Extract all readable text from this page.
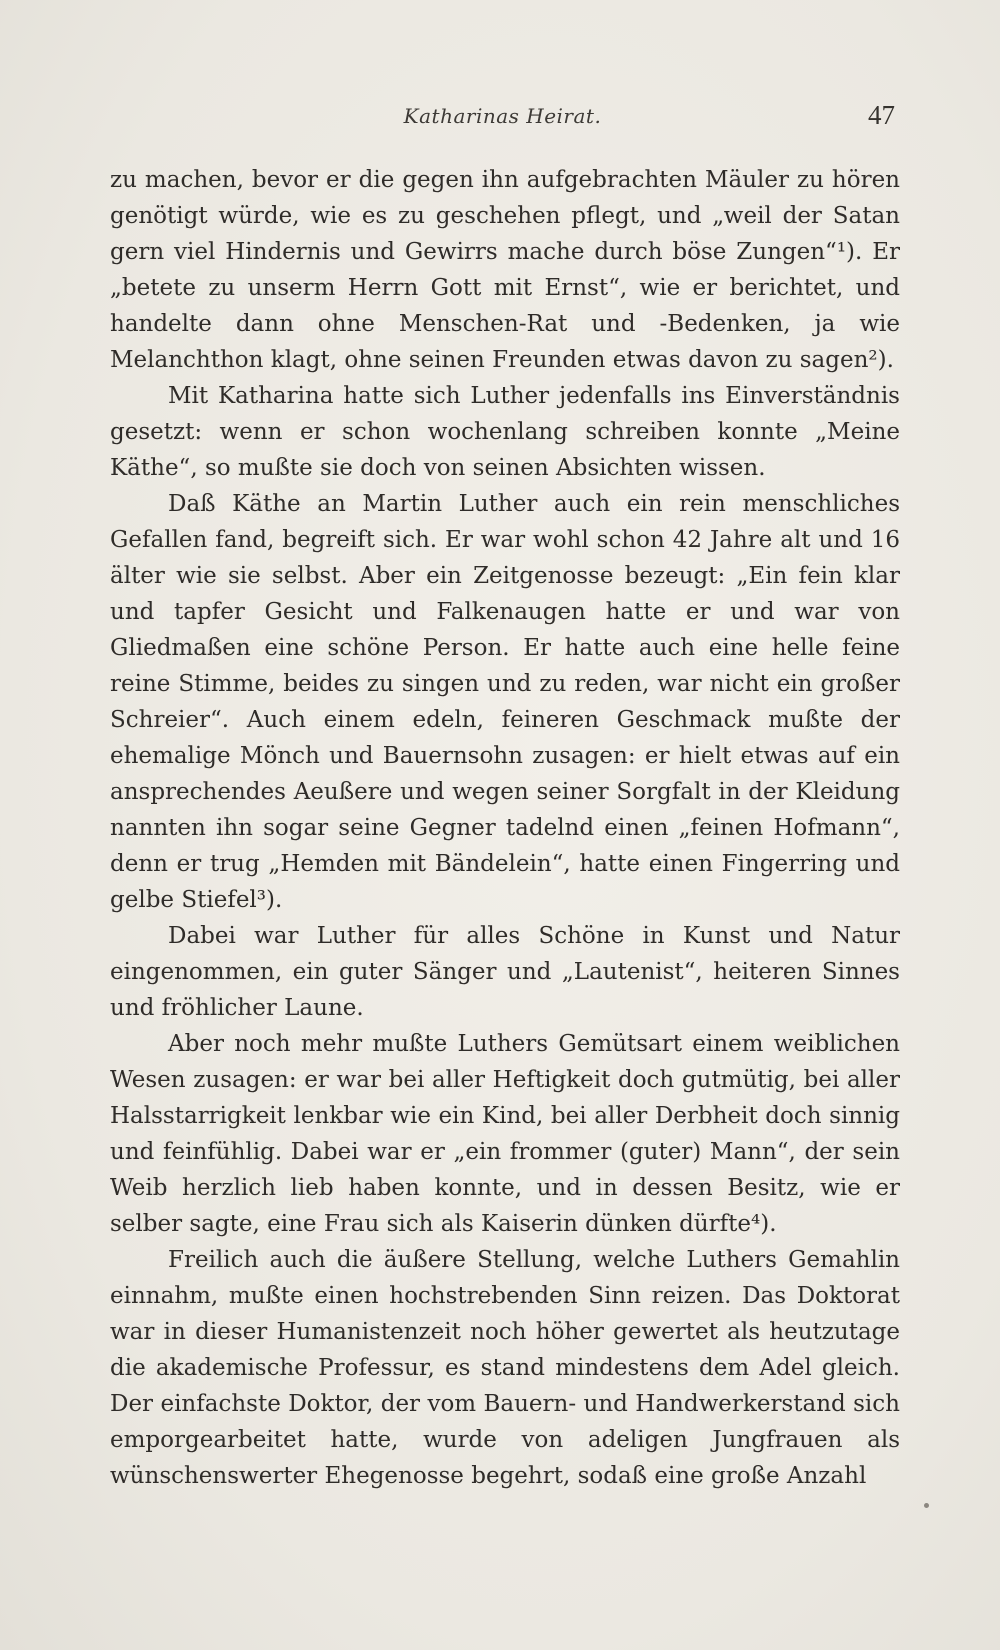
Katharinas Heirat.	47

zu machen, bevor er die gegen ihn aufgebrachten Mäuler zu hören genötigt würde, wie es zu geschehen pflegt, und „weil der Satan gern viel Hindernis und Gewirrs mache durch böse Zungen“¹). Er „betete zu unserm Herrn Gott mit Ernst“, wie er berichtet, und handelte dann ohne Menschen-Rat und -Bedenken, ja wie Melanchthon klagt, ohne seinen Freunden etwas davon zu sagen²).

Mit Katharina hatte sich Luther jedenfalls ins Einverständnis gesetzt: wenn er schon wochenlang schreiben konnte „Meine Käthe“, so mußte sie doch von seinen Absichten wissen.

Daß Käthe an Martin Luther auch ein rein menschliches Gefallen fand, begreift sich. Er war wohl schon 42 Jahre alt und 16 älter wie sie selbst. Aber ein Zeitgenosse bezeugt: „Ein fein klar und tapfer Gesicht und Falkenaugen hatte er und war von Gliedmaßen eine schöne Person. Er hatte auch eine helle feine reine Stimme, beides zu singen und zu reden, war nicht ein großer Schreier“. Auch einem edeln, feineren Geschmack mußte der ehemalige Mönch und Bauernsohn zusagen: er hielt etwas auf ein ansprechendes Aeußere und wegen seiner Sorgfalt in der Kleidung nannten ihn sogar seine Gegner tadelnd einen „feinen Hofmann“, denn er trug „Hemden mit Bändelein“, hatte einen Fingerring und gelbe Stiefel³).

Dabei war Luther für alles Schöne in Kunst und Natur eingenommen, ein guter Sänger und „Lautenist“, heiteren Sinnes und fröhlicher Laune.

Aber noch mehr mußte Luthers Gemütsart einem weiblichen Wesen zusagen: er war bei aller Heftigkeit doch gutmütig, bei aller Halsstarrigkeit lenkbar wie ein Kind, bei aller Derbheit doch sinnig und feinfühlig. Dabei war er „ein frommer (guter) Mann“, der sein Weib herzlich lieb haben konnte, und in dessen Besitz, wie er selber sagte, eine Frau sich als Kaiserin dünken dürfte⁴).

Freilich auch die äußere Stellung, welche Luthers Gemahlin einnahm, mußte einen hochstrebenden Sinn reizen. Das Doktorat war in dieser Humanistenzeit noch höher gewertet als heutzutage die akademische Professur, es stand mindestens dem Adel gleich. Der einfachste Doktor, der vom Bauern- und Handwerkerstand sich emporgearbeitet hatte, wurde von adeligen Jungfrauen als wünschenswerter Ehegenosse begehrt, sodaß eine große Anzahl
